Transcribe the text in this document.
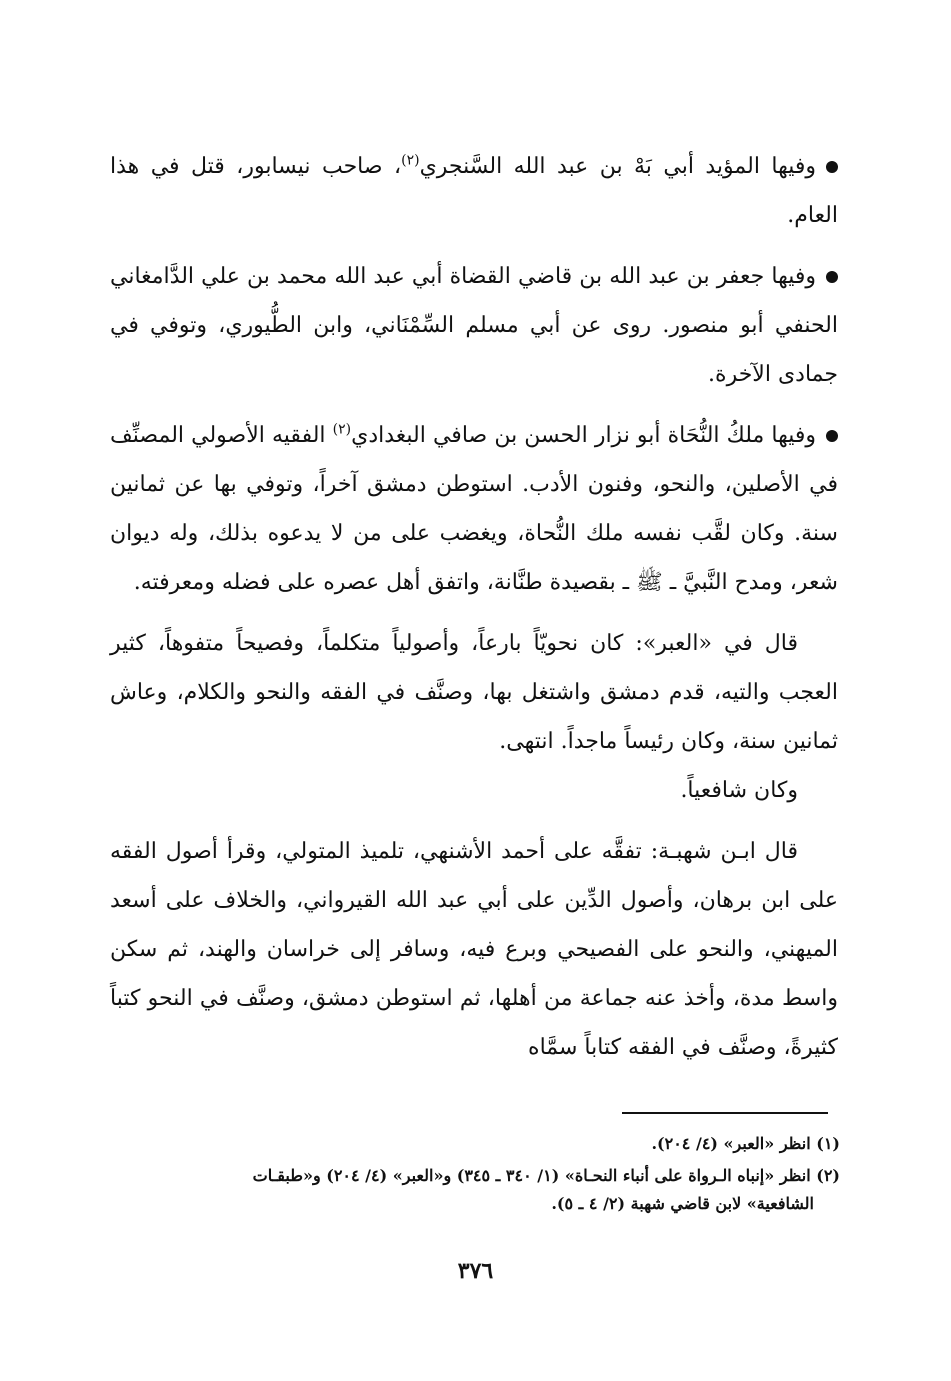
وفيها المؤيد أبي بَهْ بن عبد الله السَّنجري$^{(٢)}$، صاحب نيسابور، قتل في هذا العام.

وفيها جعفر بن عبد الله بن قاضي القضاة أبي عبد الله محمد بن علي الدَّامغاني الحنفي أبو منصور. روى عن أبي مسلم السِّمْنَاني، وابن الطُّيوري، وتوفي في جمادى الآخرة.

وفيها ملكُ النُّحَاة أبو نزار الحسن بن صافي البغدادي$^{(٢)}$ الفقيه الأصولي المصنِّف في الأصلين، والنحو، وفنون الأدب. استوطن دمشق آخراً، وتوفي بها عن ثمانين سنة. وكان لقَّب نفسه ملك النُّحاة، ويغضب على من لا يدعوه بذلك، وله ديوان شعر، ومدح النَّبيَّ ـ ﷺ ـ بقصيدة طنَّانة، واتفق أهل عصره على فضله ومعرفته.

قال في «العبر»: كان نحويّاً بارعاً، وأصولياً متكلماً، وفصيحاً متفوهاً، كثير العجب والتيه، قدم دمشق واشتغل بها، وصنَّف في الفقه والنحو والكلام، وعاش ثمانين سنة، وكان رئيساً ماجداً. انتهى.

وكان شافعياً.

قال ابـن شهبـة: تفقَّه على أحمد الأشنهي، تلميذ المتولي، وقرأ أصول الفقه على ابن برهان، وأصول الدِّين على أبي عبد الله القيرواني، والخلاف على أسعد الميهني، والنحو على الفصيحي وبرع فيه، وسافر إلى خراسان والهند، ثم سكن واسط مدة، وأخذ عنه جماعة من أهلها، ثم استوطن دمشق، وصنَّف في النحو كتباً كثيرةً، وصنَّف في الفقه كتاباً سمَّاه

(١) انظر «العبر» (٤/ ٢٠٤).
(٢) انظر «إنباه الـرواة على أنباء النحـاة» (١/ ٣٤٠ ـ ٣٤٥) و«العبر» (٤/ ٢٠٤) و«طبقـات
الشافعية» لابن قاضي شهبة (٢/ ٤ ـ ٥).
٣٧٦
